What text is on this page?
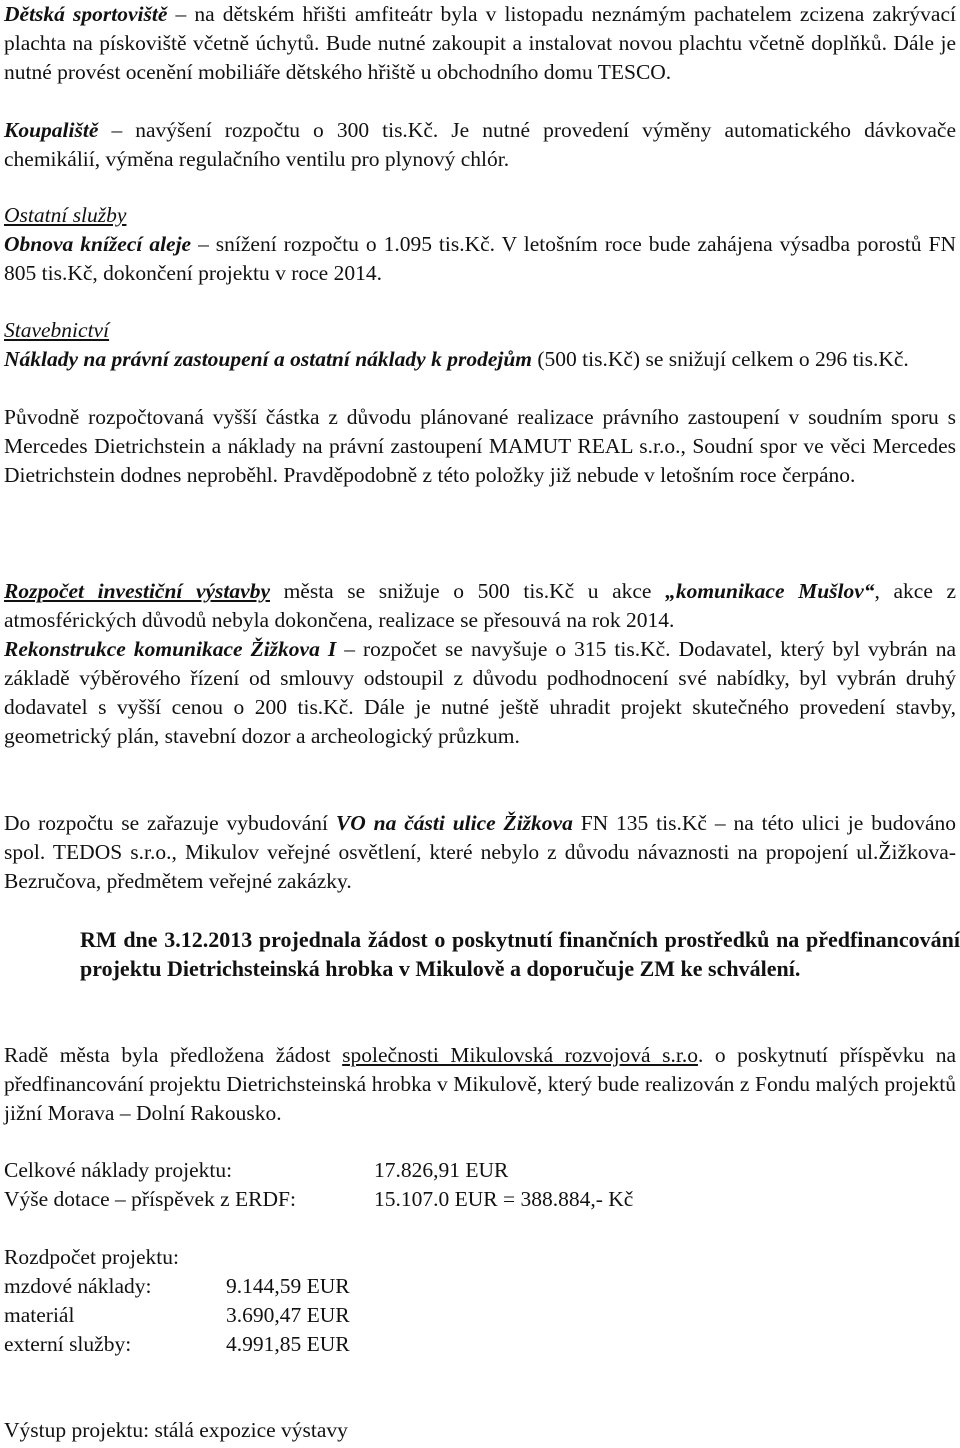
Dětská sportoviště – na dětském hřišti amfiteátr byla v listopadu neznámým pachatelem zcizena zakrývací plachta na pískoviště včetně úchytů. Bude nutné zakoupit a instalovat novou plachtu včetně doplňků. Dále je nutné provést ocenění mobiliáře dětského hřiště u obchodního domu TESCO.

Koupaliště – navýšení rozpočtu o 300 tis.Kč. Je nutné provedení výměny automatického dávkovače chemikálií, výměna regulačního ventilu pro plynový chlór.

Ostatní služby

Obnova knížecí aleje – snížení rozpočtu o 1.095 tis.Kč. V letošním roce bude zahájena výsadba porostů FN 805 tis.Kč, dokončení projektu v roce 2014.

Stavebnictví

Náklady na právní zastoupení a ostatní náklady k prodejům (500 tis.Kč) se snižují celkem o 296 tis.Kč.

Původně rozpočtovaná vyšší částka z důvodu plánované realizace právního zastoupení v soudním sporu s Mercedes Dietrichstein a náklady na právní zastoupení MAMUT REAL s.r.o., Soudní spor ve věci Mercedes Dietrichstein dodnes neproběhl. Pravděpodobně z této položky již nebude v letošním roce čerpáno.

Rozpočet investiční výstavby města se snižuje o 500 tis.Kč u akce „komunikace Mušlov“, akce z atmosférických důvodů nebyla dokončena, realizace se přesouvá na rok 2014.

Rekonstrukce komunikace Žižkova I – rozpočet se navyšuje o 315 tis.Kč. Dodavatel, který byl vybrán na základě výběrového řízení od smlouvy odstoupil z důvodu podhodnocení své nabídky, byl vybrán druhý dodavatel s vyšší cenou o 200 tis.Kč. Dále je nutné ještě uhradit projekt skutečného provedení stavby, geometrický plán, stavební dozor a archeologický průzkum.

Do rozpočtu se zařazuje vybudování VO na části ulice Žižkova FN 135 tis.Kč – na této ulici je budováno spol. TEDOS s.r.o., Mikulov veřejné osvětlení, které nebylo z důvodu návaznosti na propojení ul.Žižkova-Bezručova, předmětem veřejné zakázky.

RM dne 3.12.2013 projednala žádost o poskytnutí finančních prostředků na předfinancování projektu Dietrichsteinská hrobka v Mikulově a doporučuje ZM ke schválení.

Radě města byla předložena žádost společnosti Mikulovská rozvojová s.r.o. o poskytnutí příspěvku na předfinancování projektu Dietrichsteinská hrobka v Mikulově, který bude realizován z Fondu malých projektů jižní Morava – Dolní Rakousko.

Celkové náklady projektu:	17.826,91 EUR
Výše dotace – příspěvek z ERDF:	15.107.0 EUR = 388.884,- Kč
Rozdpočet projektu:
mzdové náklady:	9.144,59 EUR
materiál	3.690,47 EUR
externí služby:	4.991,85 EUR

Výstup projektu: stálá expozice výstavy
